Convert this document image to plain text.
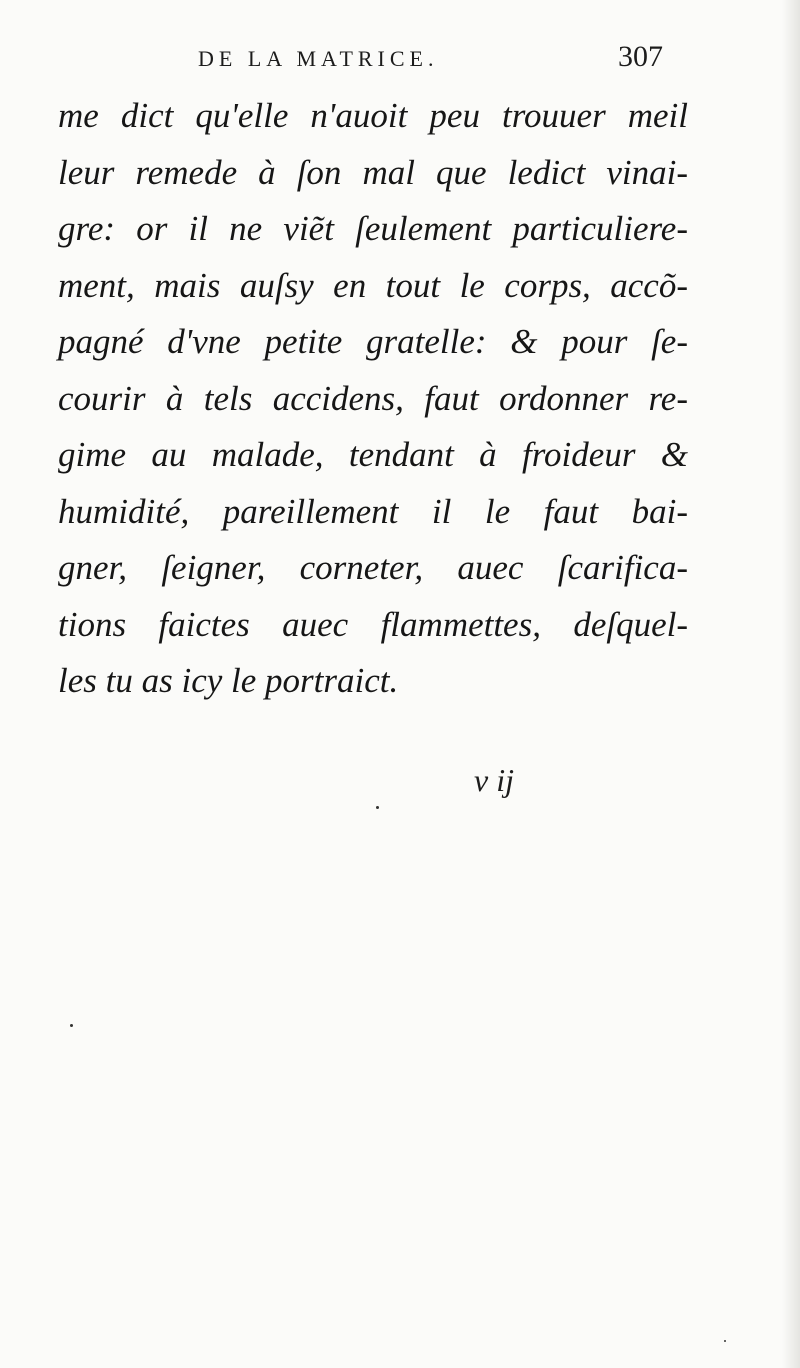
DE LA MATRICE.	307
me dict qu'elle n'auoit peu trouuer meil
leur remede à ſon mal que ledict vinai-
gre: or il ne viẽt ſeulement particuliere-
ment, mais auſsy en tout le corps, accõ-
pagné d'vne petite gratelle: & pour ſe-
courir à tels accidens, faut ordonner re-
gime au malade, tendant à froideur &
humidité, pareillement il le faut bai-
gner, ſeigner, corneter, auec ſcarifica-
tions faictes auec flammettes, deſquel-
les tu as icy le portraict.
v ij
